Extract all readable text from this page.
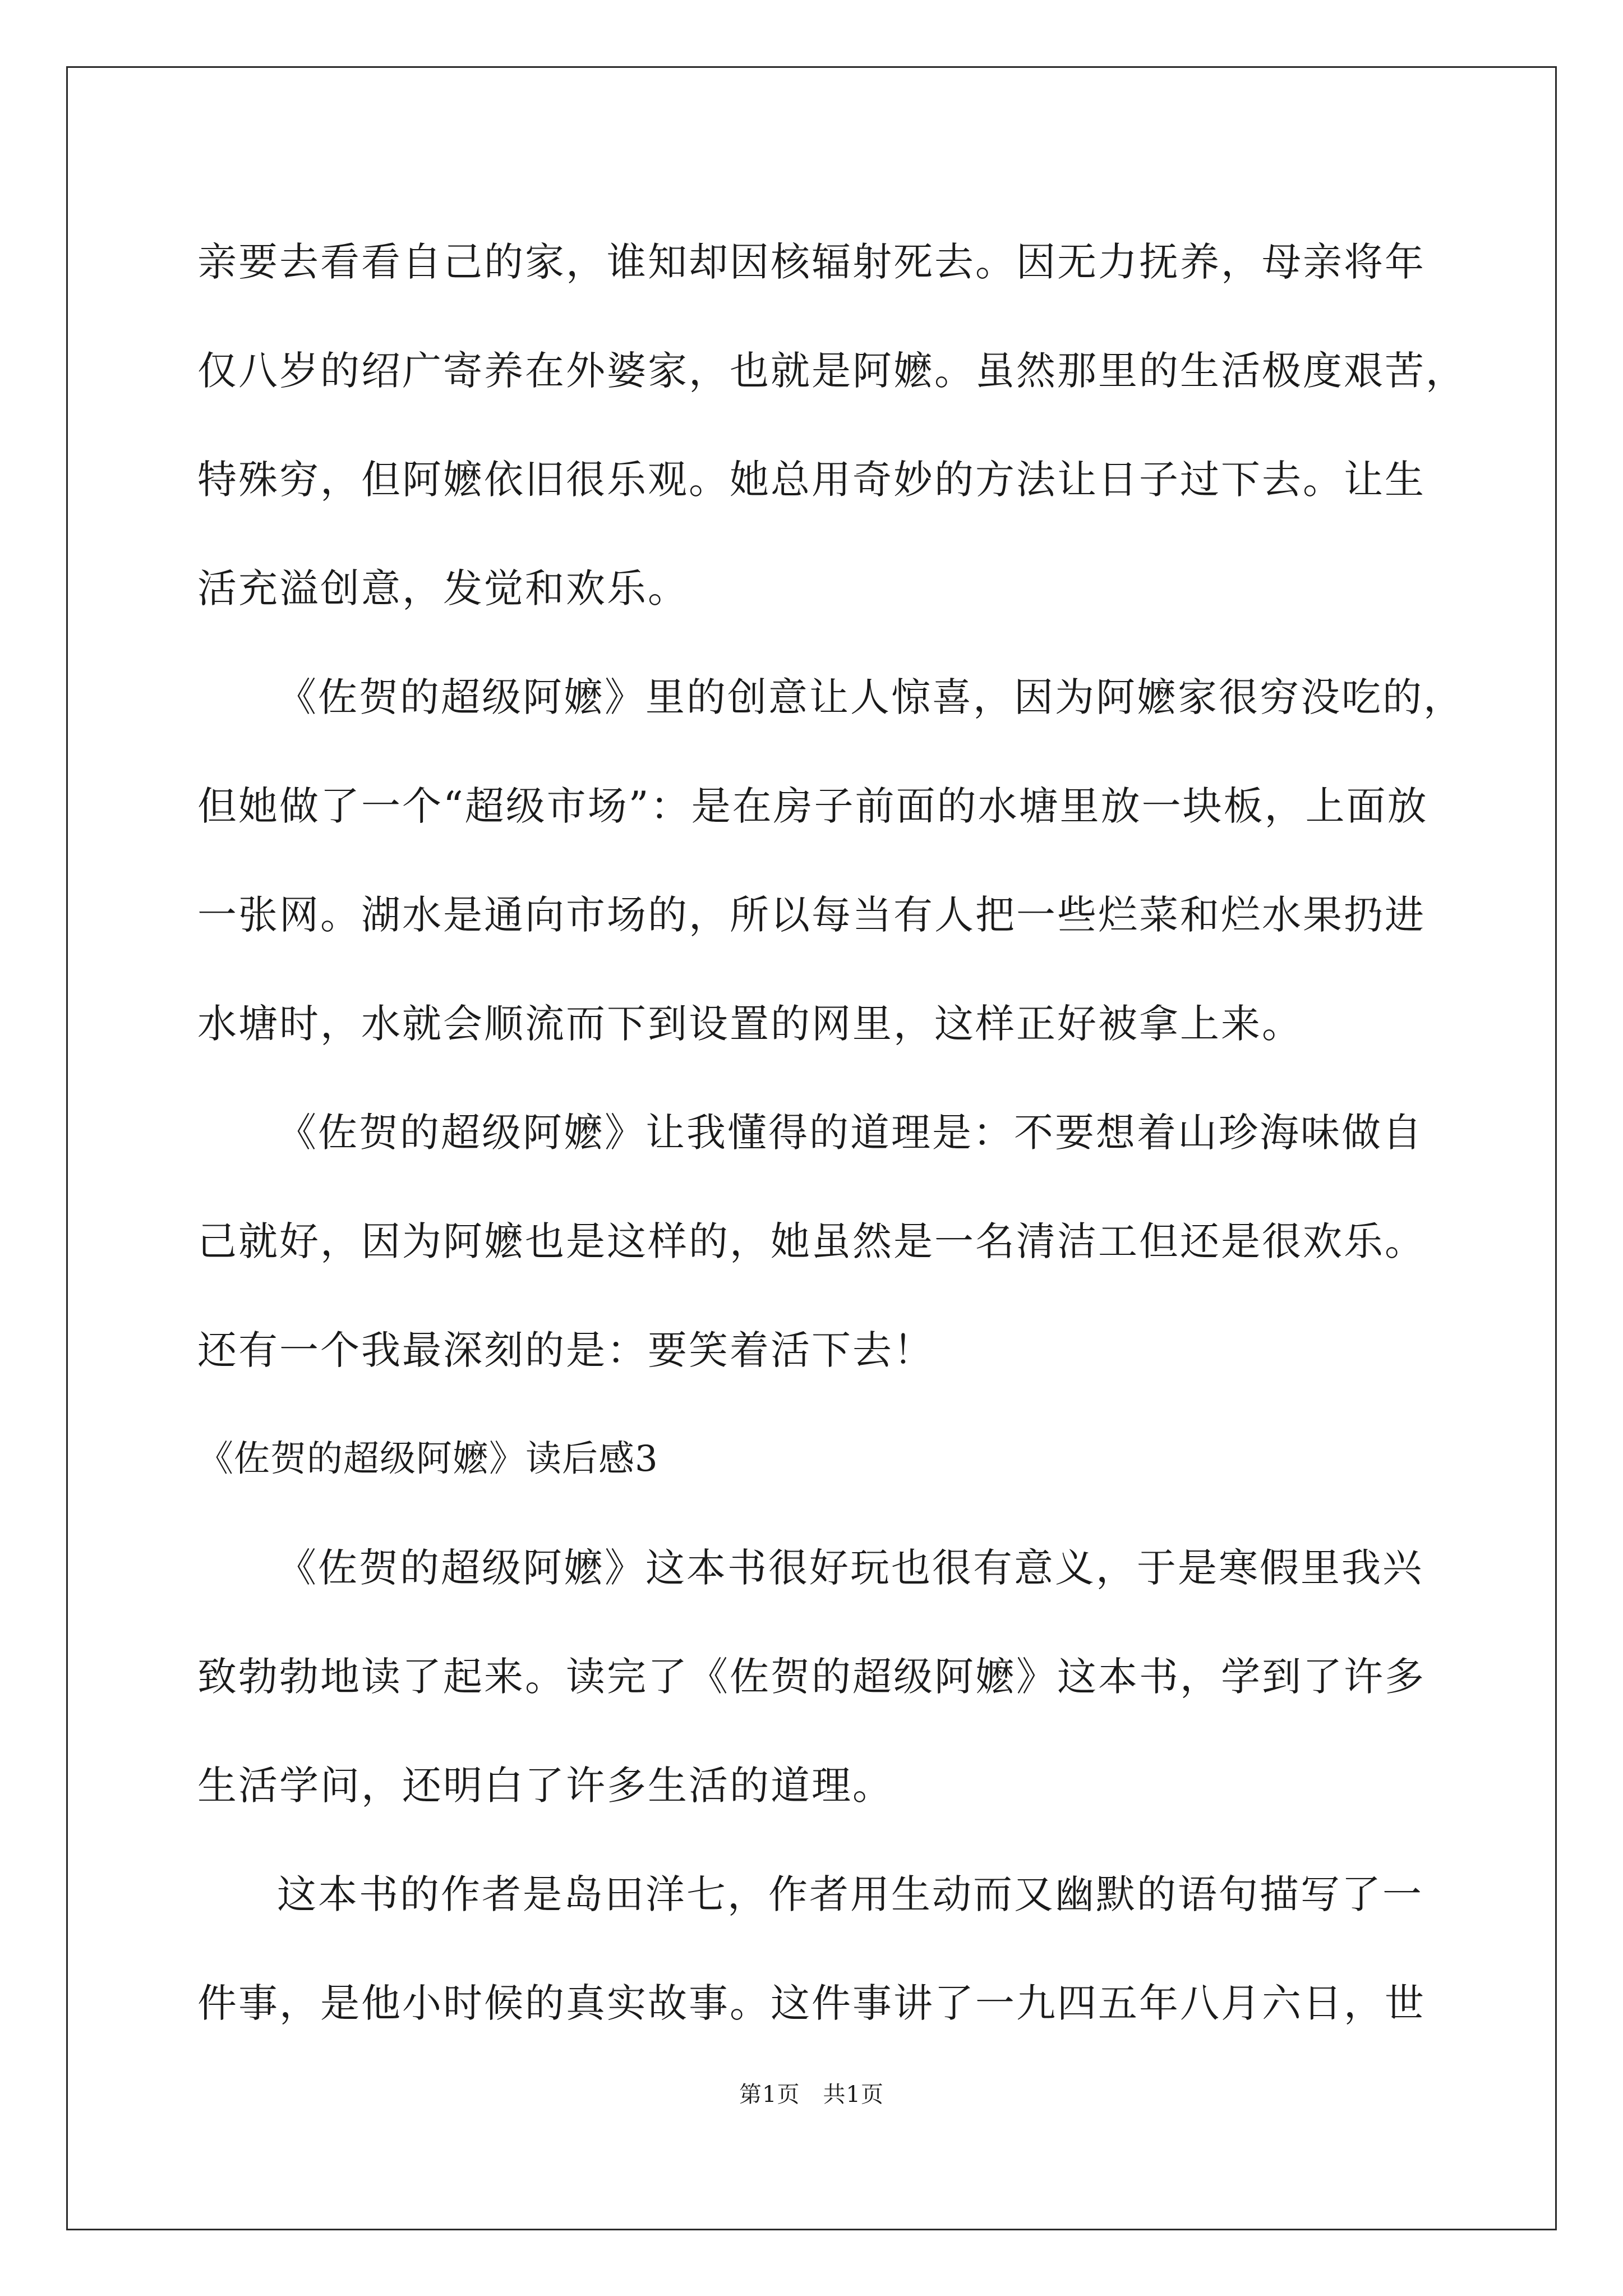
亲要去看看自己的家，谁知却因核辐射死去。因无力抚养，母亲将年
仅八岁的绍广寄养在外婆家，也就是阿嬷。虽然那里的生活极度艰苦，
特殊穷，但阿嬷依旧很乐观。她总用奇妙的方法让日子过下去。让生
活充溢创意，发觉和欢乐。
《佐贺的超级阿嬷》里的创意让人惊喜，因为阿嬷家很穷没吃的，
但她做了一个“超级市场”：是在房子前面的水塘里放一块板，上面放
一张网。湖水是通向市场的，所以每当有人把一些烂菜和烂水果扔进
水塘时，水就会顺流而下到设置的网里，这样正好被拿上来。
《佐贺的超级阿嬷》让我懂得的道理是：不要想着山珍海味做自
己就好，因为阿嬷也是这样的，她虽然是一名清洁工但还是很欢乐。
还有一个我最深刻的是：要笑着活下去！
《佐贺的超级阿嬷》读后感3
《佐贺的超级阿嬷》这本书很好玩也很有意义，于是寒假里我兴
致勃勃地读了起来。读完了《佐贺的超级阿嬷》这本书，学到了许多
生活学问，还明白了许多生活的道理。
这本书的作者是岛田洋七，作者用生动而又幽默的语句描写了一
件事，是他小时候的真实故事。这件事讲了一九四五年八月六日，世
第1页　共1页
